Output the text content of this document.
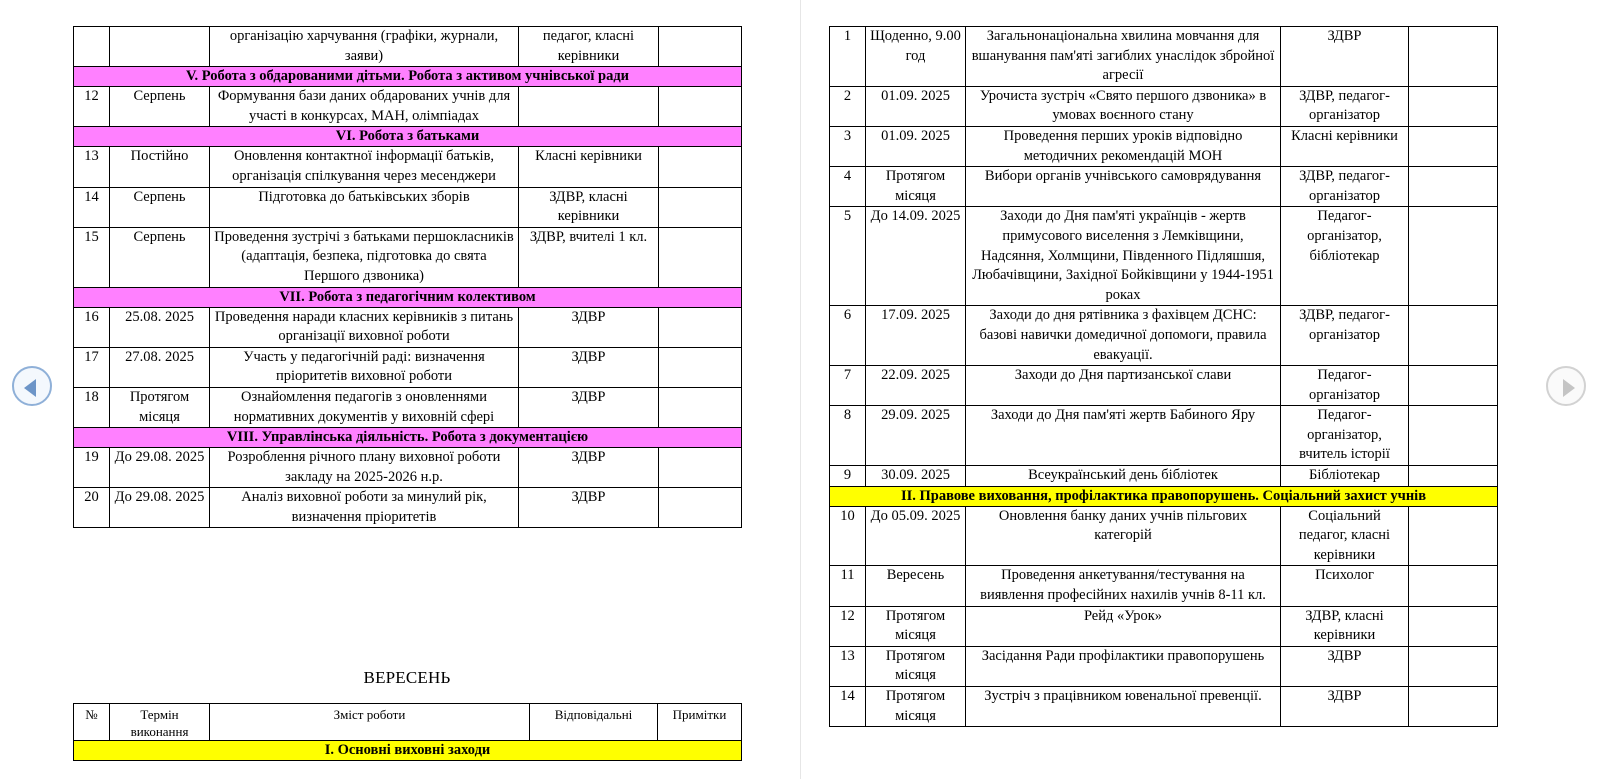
		організацію харчування (графіки, журнали, заяви)	педагог, класні керівники	
V. Робота з обдарованими дітьми. Робота з активом учнівської ради				
12	Серпень	Формування бази даних обдарованих учнів для участі в конкурсах, МАН, олімпіадах		
VI. Робота з батьками				
13	Постійно	Оновлення контактної інформації батьків, організація спілкування через месенджери	Класні керівники	
14	Серпень	Підготовка до батьківських зборів	ЗДВР, класні керівники	
15	Серпень	Проведення зустрічі з батьками першокласників (адаптація, безпека, підготовка до свята Першого дзвоника)	ЗДВР, вчителі 1 кл.	
VII. Робота з педагогічним колективом				
16	25.08. 2025	Проведення наради класних керівників з питань організації виховної роботи	ЗДВР	
17	27.08. 2025	Участь у педагогічній раді: визначення пріоритетів виховної роботи	ЗДВР	
18	Протягом місяця	Ознайомлення педагогів з оновленнями нормативних документів у виховній сфері	ЗДВР	
VIII. Управлінська діяльність. Робота з документацією				
19	До 29.08. 2025	Розроблення річного плану виховної роботи закладу на 2025-2026 н.р.	ЗДВР	
20	До 29.08. 2025	Аналіз виховної роботи за минулий рік, визначення пріоритетів	ЗДВР	
ВЕРЕСЕНЬ
№	Термін виконання	Зміст роботи	Відповідальні	Примітки
І. Основні виховні заходи
1	Щоденно, 9.00 год	Загальнонаціональна хвилина мовчання для вшанування пам'яті загиблих унаслідок збройної агресії	ЗДВР	
2	01.09. 2025	Урочиста зустріч «Свято першого дзвоника» в умовах воєнного стану	ЗДВР, педагог-організатор	
3	01.09. 2025	Проведення перших уроків відповідно методичних рекомендацій МОН	Класні керівники	
4	Протягом місяця	Вибори органів учнівського самоврядування	ЗДВР, педагог-організатор	
5	До 14.09. 2025	Заходи до Дня пам'яті українців - жертв примусового виселення з Лемківщини, Надсяння, Холмщини, Південного Підляшшя, Любачівщини, Західної Бойківщини у 1944-1951 роках	Педагог-організатор, бібліотекар	
6	17.09. 2025	Заходи до дня рятівника з фахівцем ДСНС: базові навички домедичної допомоги, правила евакуації.	ЗДВР, педагог-організатор	
7	22.09. 2025	Заходи до Дня партизанської слави	Педагог-організатор	
8	29.09. 2025	Заходи до Дня пам'яті жертв Бабиного Яру	Педагог-організатор, вчитель історії	
9	30.09. 2025	Всеукраїнський день бібліотек	Бібліотекар	
ІІ. Правове виховання, профілактика правопорушень. Соціальний захист учнів				
10	До 05.09. 2025	Оновлення банку даних учнів пільгових категорій	Соціальний педагог, класні керівники	
11	Вересень	Проведення анкетування/тестування на виявлення професійних нахилів учнів 8-11 кл.	Психолог	
12	Протягом місяця	Рейд «Урок»	ЗДВР, класні керівники	
13	Протягом місяця	Засідання Ради профілактики правопорушень	ЗДВР	
14	Протягом місяця	Зустріч з працівником ювенальної превенції.	ЗДВР	
